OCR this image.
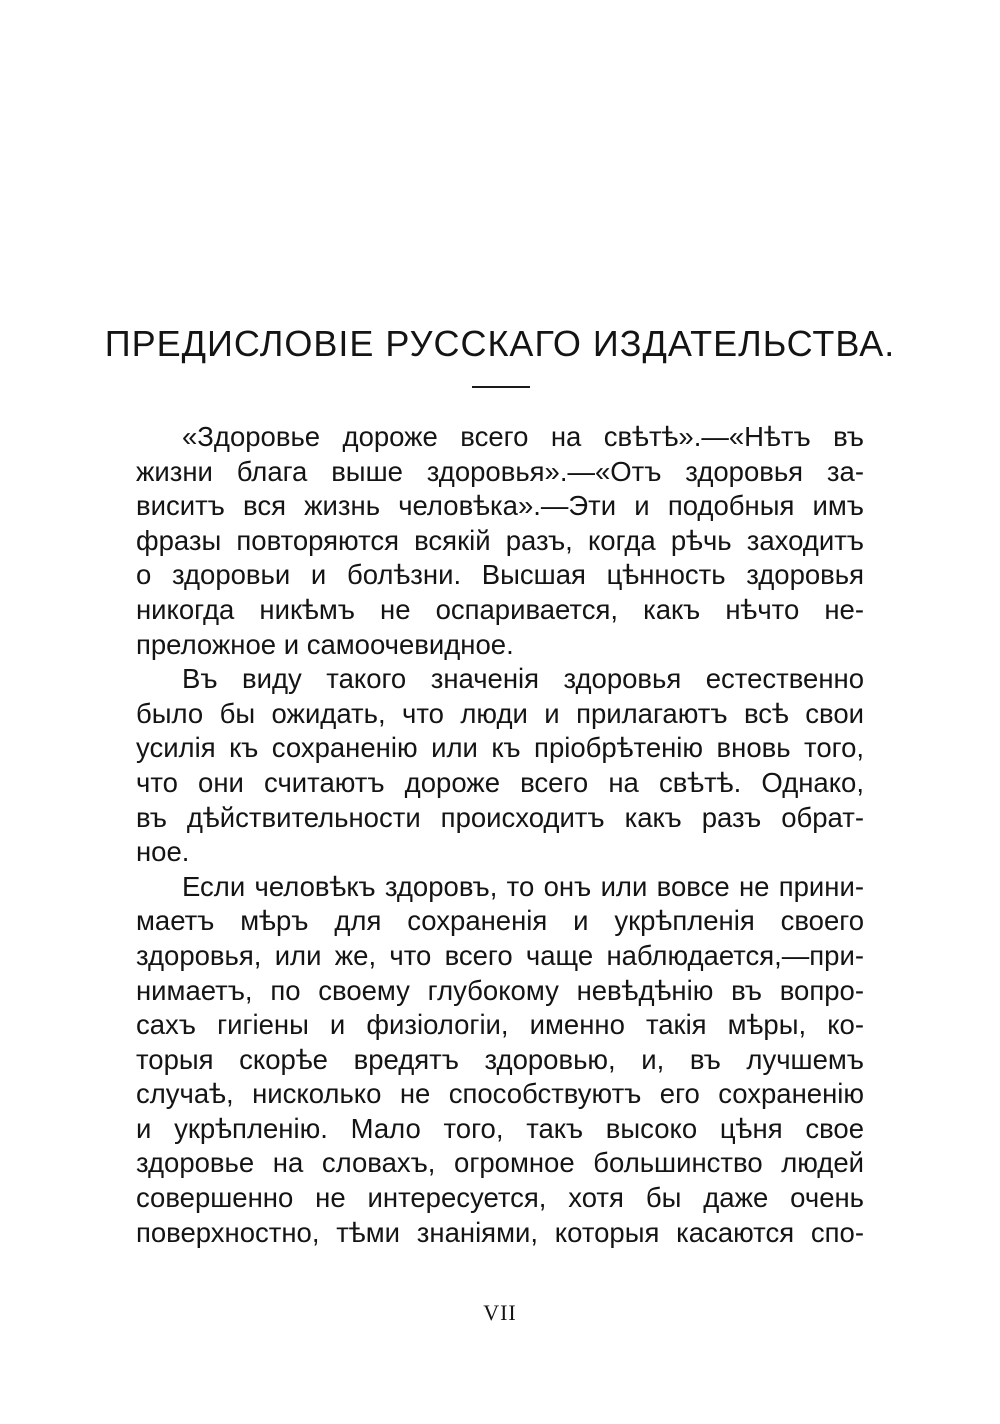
ПРЕДИСЛОВІЕ РУССКАГО ИЗДАТЕЛЬСТВА.
«Здоровье дороже всего на свѣтѣ».—«Нѣтъ въ
жизни блага выше здоровья».—«Отъ здоровья за-
виситъ вся жизнь человѣка».—Эти и подобныя имъ
фразы повторяются всякій разъ, когда рѣчь заходитъ
о здоровьи и болѣзни. Высшая цѣнность здоровья
никогда никѣмъ не оспаривается, какъ нѣчто не-
преложное и самоочевидное.
Въ виду такого значенія здоровья естественно
было бы ожидать, что люди и прилагаютъ всѣ свои
усилія къ сохраненію или къ пріобрѣтенію вновь того,
что они считаютъ дороже всего на свѣтѣ. Однако,
въ дѣйствительности происходитъ какъ разъ обрат-
ное.
Если человѣкъ здоровъ, то онъ или вовсе не прини-
маетъ мѣръ для сохраненія и укрѣпленія своего
здоровья, или же, что всего чаще наблюдается,—при-
нимаетъ, по своему глубокому невѣдѣнію въ вопро-
сахъ гигіены и физіологіи, именно такія мѣры, ко-
торыя скорѣе вредятъ здоровью, и, въ лучшемъ
случаѣ, нисколько не способствуютъ его сохраненію
и укрѣпленію. Мало того, такъ высоко цѣня свое
здоровье на словахъ, огромное большинство людей
совершенно не интересуется, хотя бы даже очень
поверхностно, тѣми знаніями, которыя касаются спо-
VII
